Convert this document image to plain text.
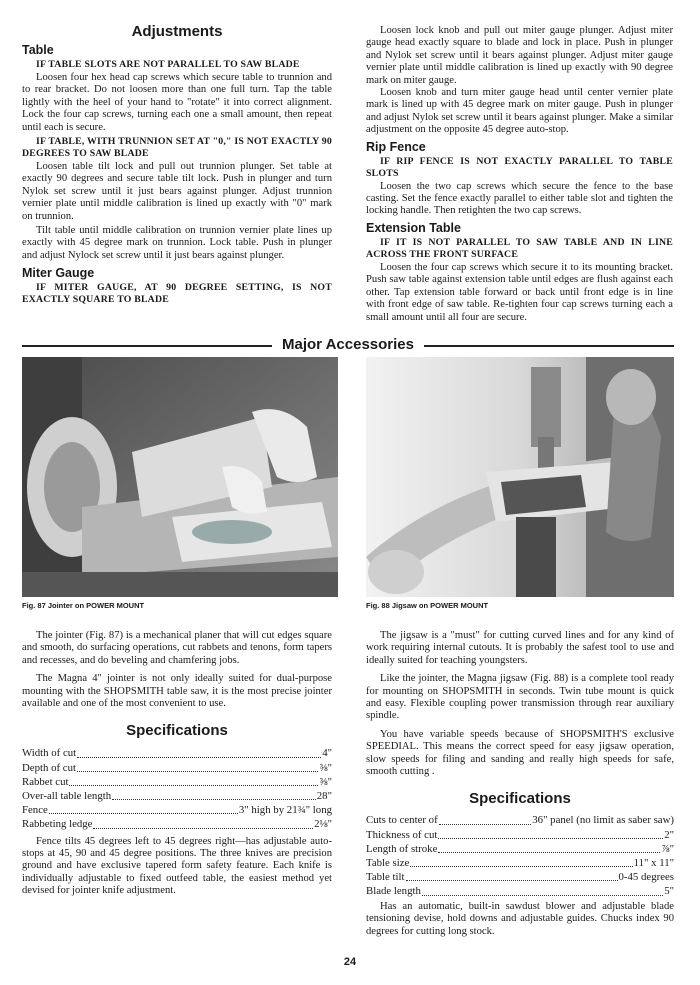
Adjustments
Table

IF TABLE SLOTS ARE NOT PARALLEL TO SAW BLADE

Loosen four hex head cap screws which secure table to trunnion and to rear bracket. Do not loosen more than one full turn. Tap the table lightly with the heel of your hand to "rotate" it into correct alignment. Lock the four cap screws, turning each one a small amount, then repeat until each is secure.

IF TABLE, WITH TRUNNION SET AT "0," IS NOT EXACTLY 90 DEGREES TO SAW BLADE

Loosen table tilt lock and pull out trunnion plunger. Set table at exactly 90 degrees and secure table tilt lock. Push in plunger and turn Nylok set screw until it just bears against plunger. Adjust trunnion vernier plate until middle calibration is lined up exactly with "0" mark on trunnion.

Tilt table until middle calibration on trunnion vernier plate lines up exactly with 45 degree mark on trunnion. Lock table. Push in plunger and adjust Nylock set screw until it just bears against plunger.

Miter Gauge

IF MITER GAUGE, AT 90 DEGREE SETTING, IS NOT EXACTLY SQUARE TO BLADE

Loosen lock knob and pull out miter gauge plunger. Adjust miter gauge head exactly square to blade and lock in place. Push in plunger and Nylok set screw until it bears against plunger. Adjust miter gauge vernier plate until middle calibration is lined up exactly with 90 degree mark on miter gauge.

Loosen knob and turn miter gauge head until center vernier plate mark is lined up with 45 degree mark on miter gauge. Push in plunger and adjust Nylok set screw until it bears against plunger. Make a similar adjustment on the opposite 45 degree auto-stop.

Rip Fence

IF RIP FENCE IS NOT EXACTLY PARALLEL TO TABLE SLOTS

Loosen the two cap screws which secure the fence to the base casting. Set the fence exactly parallel to either table slot and tighten the locking handle. Then retighten the two cap screws.

Extension Table

IF IT IS NOT PARALLEL TO SAW TABLE AND IN LINE ACROSS THE FRONT SURFACE

Loosen the four cap screws which secure it to its mounting bracket. Push saw table against extension table until edges are flush against each other. Tap extension table forward or back until front edge is in line with front edge of saw table. Re-tighten four cap screws turning each a small amount until all four are secure.

Major Accessories
Fig. 87 Jointer on POWER MOUNT	Fig. 88 Jigsaw on POWER MOUNT

The jointer (Fig. 87) is a mechanical planer that will cut edges square and smooth, do surfacing operations, cut rabbets and tenons, form tapers and recesses, and do beveling and chamfering jobs.

The Magna 4" jointer is not only ideally suited for dual-purpose mounting with the SHOPSMITH table saw, it is the most precise jointer available and one of the most convenient to use.

Specifications
Width of cut	4"
Depth of cut	⅜"
Rabbet cut	⅜"
Over-all table length	28"
Fence	3" high by 21¾" long
Rabbeting ledge	2⅛"

Fence tilts 45 degrees left to 45 degrees right—has adjustable auto-stops at 45, 90 and 45 degree positions. The three knives are precision ground and have exclusive tapered form safety feature. Each knife is individually adjustable to fixed outfeed table, the easiest method yet devised for jointer knife adjustment.

The jigsaw is a "must" for cutting curved lines and for any kind of work requiring internal cutouts. It is probably the safest tool to use and ideally suited for teaching youngsters.

Like the jointer, the Magna jigsaw (Fig. 88) is a complete tool ready for mounting on SHOPSMITH in seconds. Twin tube mount is quick and easy. Flexible coupling power transmission through rear auxiliary spindle.

You have variable speeds because of SHOPSMITH'S exclusive SPEEDIAL. This means the correct speed for easy jigsaw operation, slow speeds for filing and sanding and really high speeds for safe, smooth cutting .

Specifications
Cuts to center of	36" panel (no limit as saber saw)
Thickness of cut	2"
Length of stroke	⅞"
Table size	11" x 11"
Table tilt	0-45 degrees
Blade length	5"

Has an automatic, built-in sawdust blower and adjustable blade tensioning devise, hold downs and adjustable guides. Chucks index 90 degrees for cutting long stock.

24
